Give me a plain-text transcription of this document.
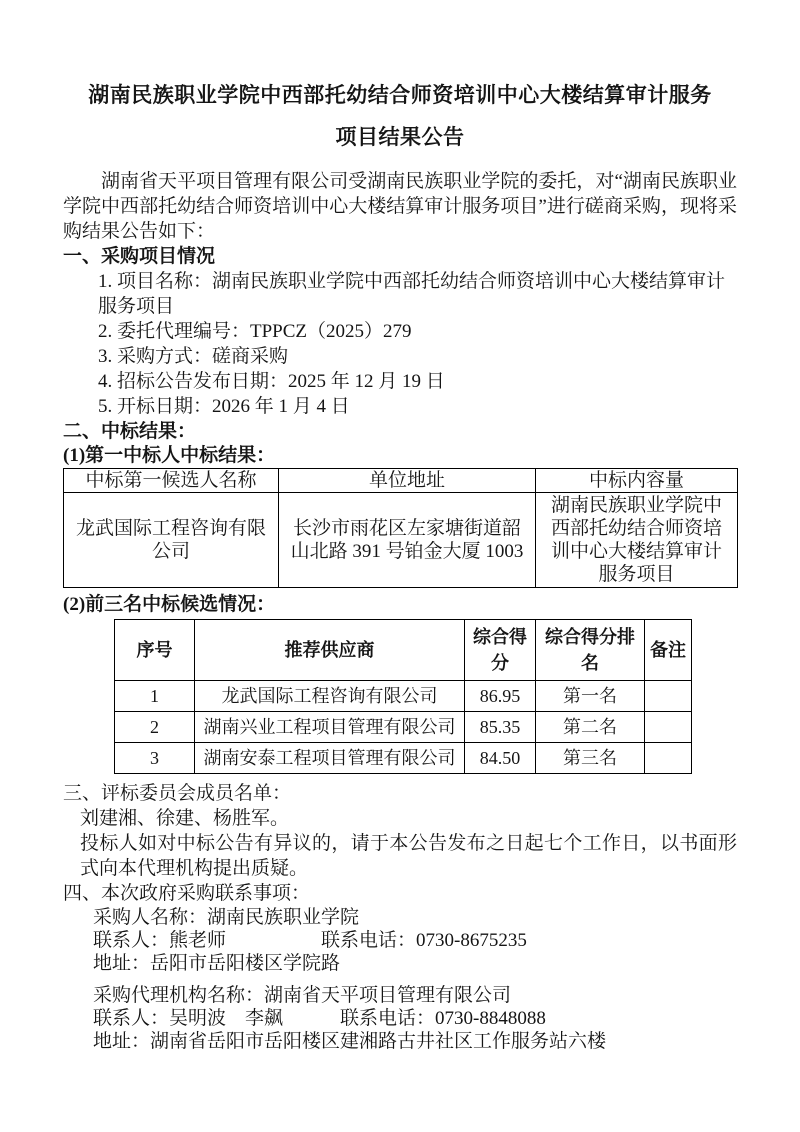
湖南民族职业学院中西部托幼结合师资培训中心大楼结算审计服务
项目结果公告
湖南省天平项目管理有限公司受湖南民族职业学院的委托，对“湖南民族职业学院中西部托幼结合师资培训中心大楼结算审计服务项目”进行磋商采购，现将采购结果公告如下：
一、采购项目情况
1. 项目名称：湖南民族职业学院中西部托幼结合师资培训中心大楼结算审计服务项目
2. 委托代理编号：TPPCZ（2025）279
3. 采购方式：磋商采购
4. 招标公告发布日期：2025 年 12 月 19 日
5. 开标日期：2026 年 1 月 4 日
二、中标结果：
(1)第一中标人中标结果：
中标第一候选人名称	单位地址	中标内容量
龙武国际工程咨询有限公司	长沙市雨花区左家塘街道韶山北路 391 号铂金大厦 1003	湖南民族职业学院中西部托幼结合师资培训中心大楼结算审计服务项目
(2)前三名中标候选情况：
序号	推荐供应商	综合得分	综合得分排名	备注
1	龙武国际工程咨询有限公司	86.95	第一名	
2	湖南兴业工程项目管理有限公司	85.35	第二名	
3	湖南安泰工程项目管理有限公司	84.50	第三名	
三、评标委员会成员名单：
刘建湘、徐建、杨胜军。
投标人如对中标公告有异议的，请于本公告发布之日起七个工作日，以书面形式向本代理机构提出质疑。
四、本次政府采购联系事项：
采购人名称：湖南民族职业学院
联系人：熊老师　　　　　联系电话：0730-8675235
地址：岳阳市岳阳楼区学院路
采购代理机构名称：湖南省天平项目管理有限公司
联系人：吴明波　李飙　　　联系电话：0730-8848088
地址：湖南省岳阳市岳阳楼区建湘路古井社区工作服务站六楼
